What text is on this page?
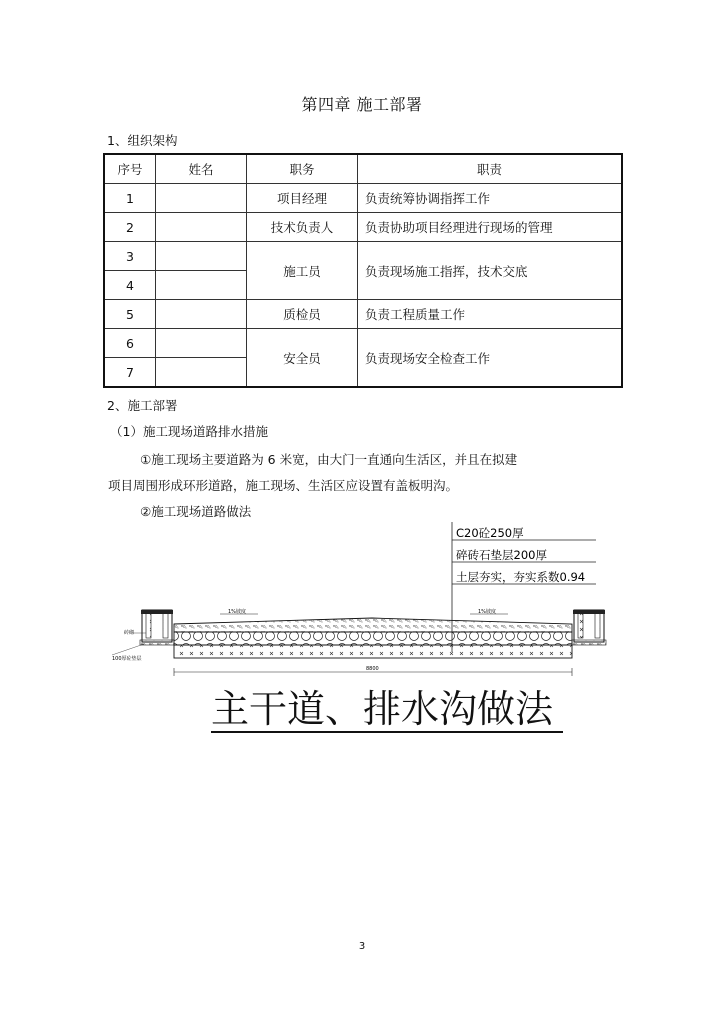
第四章 施工部署
1、组织架构
序号	姓名	职务	职责
1		项目经理	负责统筹协调指挥工作
2		技术负责人	负责协助项目经理进行现场的管理
3		施工员	负责现场施工指挥，技术交底
4			
5		质检员	负责工程质量工作
6		安全员	负责现场安全检查工作
7			
2、施工部署
（1）施工现场道路排水措施
①施工现场主要道路为 6 米宽，由大门一直通向生活区，并且在拟建
项目周围形成环形道路，施工现场、生活区应设置有盖板明沟。
②施工现场道路做法
C20砼250厚
碎砖石垫层200厚
土层夯实，夯实系数0.94
1%坡度	1%坡度
砖砌
100厚砼垫层
8800
主干道、排水沟做法
3
